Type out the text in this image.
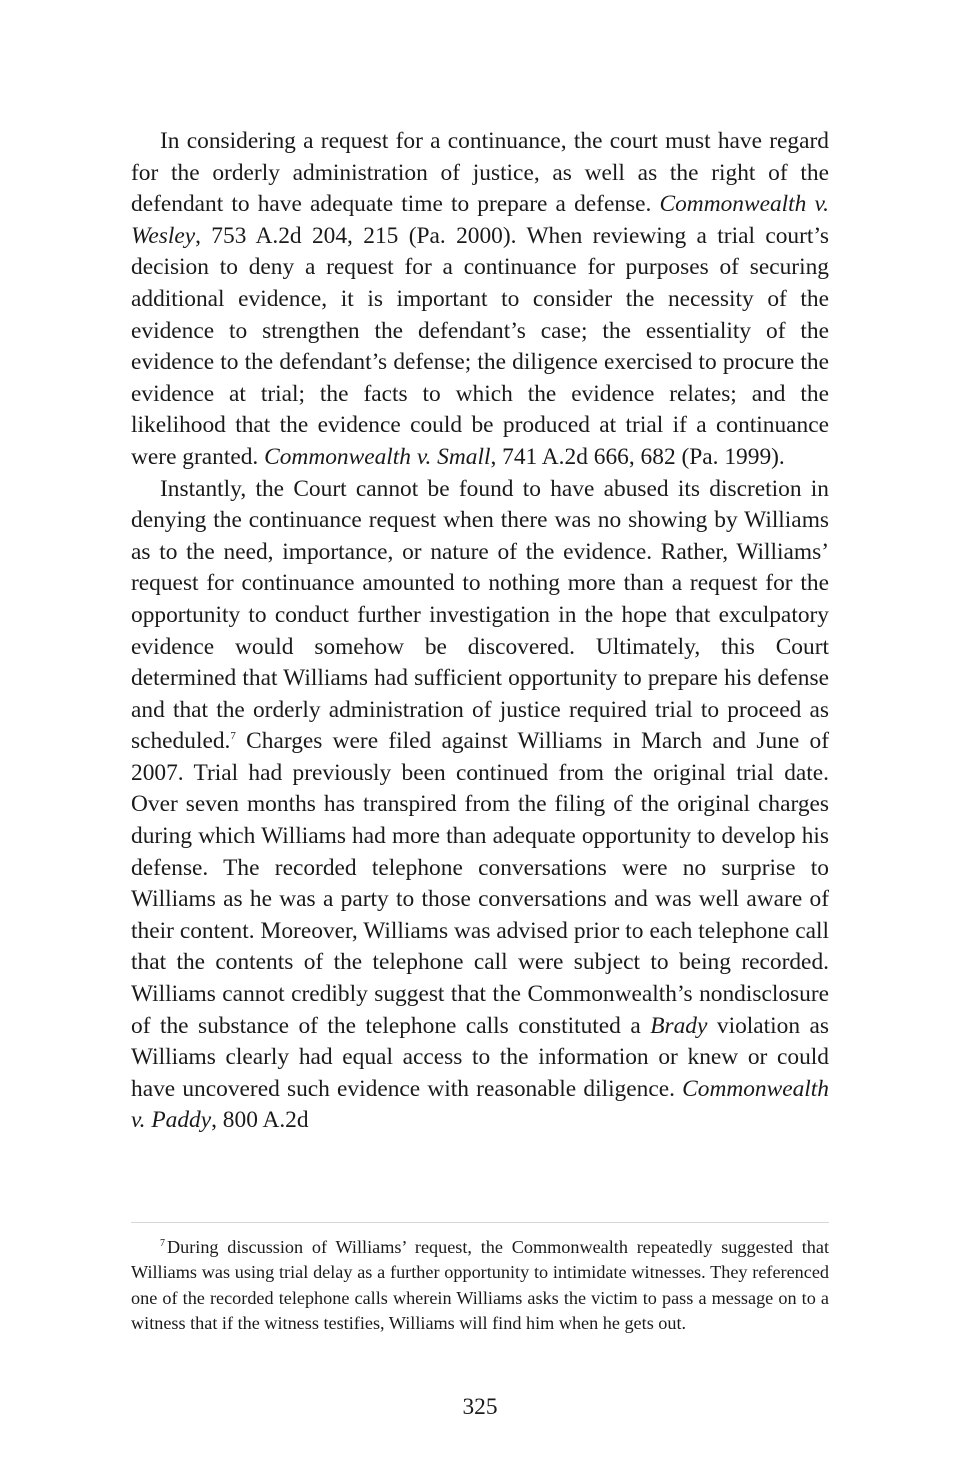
In considering a request for a continuance, the court must have regard for the orderly administration of justice, as well as the right of the defendant to have adequate time to prepare a defense. Commonwealth v. Wesley, 753 A.2d 204, 215 (Pa. 2000). When reviewing a trial court’s decision to deny a request for a continuance for purposes of securing additional evidence, it is important to consider the necessity of the evidence to strengthen the defendant’s case; the essentiality of the evidence to the defendant’s defense; the diligence exercised to procure the evidence at trial; the facts to which the evidence relates; and the likelihood that the evidence could be produced at trial if a continuance were granted. Commonwealth v. Small, 741 A.2d 666, 682 (Pa. 1999).

Instantly, the Court cannot be found to have abused its discretion in denying the continuance request when there was no showing by Williams as to the need, importance, or nature of the evidence. Rather, Williams’ request for continuance amounted to nothing more than a request for the opportunity to conduct further investigation in the hope that exculpatory evidence would somehow be discovered. Ultimately, this Court determined that Williams had sufficient opportunity to prepare his defense and that the orderly administration of justice required trial to proceed as scheduled.$^7$ Charges were filed against Williams in March and June of 2007. Trial had previously been continued from the original trial date. Over seven months has transpired from the filing of the original charges during which Williams had more than adequate opportunity to develop his defense. The recorded telephone conversations were no surprise to Williams as he was a party to those conversations and was well aware of their content. Moreover, Williams was advised prior to each telephone call that the contents of the telephone call were subject to being recorded. Williams cannot credibly suggest that the Commonwealth’s nondisclosure of the substance of the telephone calls constituted a Brady violation as Williams clearly had equal access to the information or knew or could have uncovered such evidence with reasonable diligence. Commonwealth v. Paddy, 800 A.2d

$^7$ During discussion of Williams’ request, the Commonwealth repeatedly suggested that Williams was using trial delay as a further opportunity to intimidate witnesses. They referenced one of the recorded telephone calls wherein Williams asks the victim to pass a message on to a witness that if the witness testifies, Williams will find him when he gets out.

325
